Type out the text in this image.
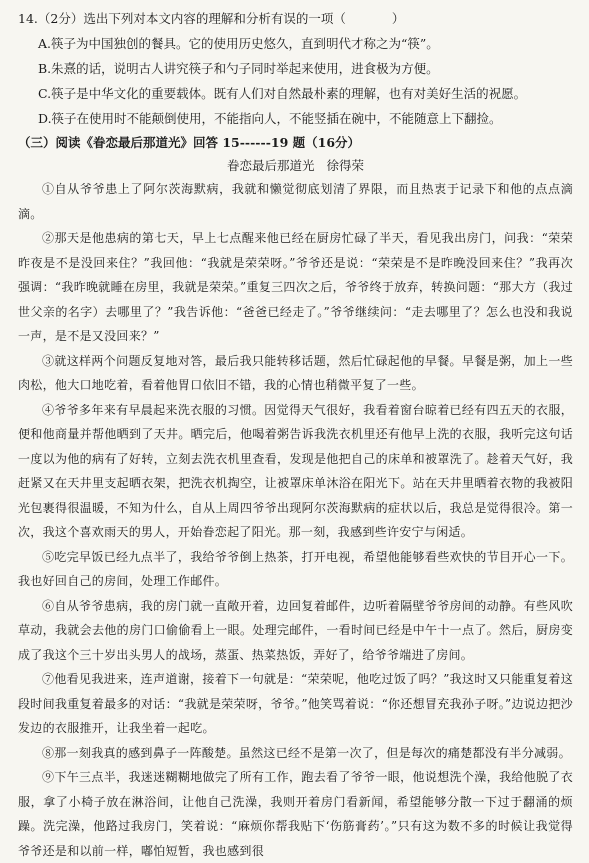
14.（2分）选出下列对本文内容的理解和分析有误的一项（	）
A.筷子为中国独创的餐具。它的使用历史悠久，直到明代才称之为“筷”。
B.朱熹的话，说明古人讲究筷子和勺子同时举起来使用，进食极为方便。
C.筷子是中华文化的重要载体。既有人们对自然最朴素的理解，也有对美好生活的祝愿。
D.筷子在使用时不能颠倒使用，不能指向人，不能竖插在碗中，不能随意上下翻捡。
（三）阅读《眷恋最后那道光》回答 15------19 题（16分）
眷恋最后那道光 徐得荣

①自从爷爷患上了阿尔茨海默病，我就和懒觉彻底划清了界限，而且热衷于记录下和他的点点滴滴。

②那天是他患病的第七天，早上七点醒来他已经在厨房忙碌了半天，看见我出房门，问我：“荣荣昨夜是不是没回来住？”我回他：“我就是荣荣呀。”爷爷还是说：“荣荣是不是昨晚没回来住？”我再次强调：“我昨晚就睡在房里，我就是荣荣。”重复三四次之后，爷爷终于放弃，转换问题：“那大方（我过世父亲的名字）去哪里了？”我告诉他：“爸爸已经走了。”爷爷继续问：“走去哪里了？怎么也没和我说一声，是不是又没回来？”

③就这样两个问题反复地对答，最后我只能转移话题，然后忙碌起他的早餐。早餐是粥，加上一些肉松，他大口地吃着，看着他胃口依旧不错，我的心情也稍微平复了一些。

④爷爷多年来有早晨起来洗衣服的习惯。因觉得天气很好，我看着窗台晾着已经有四五天的衣服，便和他商量并帮他晒到了天井。晒完后，他喝着粥告诉我洗衣机里还有他早上洗的衣服，我听完这句话一度以为他的病有了好转，立刻去洗衣机里查看，发现是他把自己的床单和被罩洗了。趁着天气好，我赶紧又在天井里支起晒衣架，把洗衣机掏空，让被罩床单沐浴在阳光下。站在天井里晒着衣物的我被阳光包裹得很温暖，不知为什么，自从上周四爷爷出现阿尔茨海默病的症状以后，我总是觉得很冷。第一次，我这个喜欢雨天的男人，开始眷恋起了阳光。那一刻，我感到些许安宁与闲适。

⑤吃完早饭已经九点半了，我给爷爷倒上热茶，打开电视，希望他能够看些欢快的节目开心一下。我也好回自己的房间，处理工作邮件。

⑥自从爷爷患病，我的房门就一直敞开着，边回复着邮件，边听着隔壁爷爷房间的动静。有些风吹草动，我就会去他的房门口偷偷看上一眼。处理完邮件，一看时间已经是中午十一点了。然后，厨房变成了我这个三十岁出头男人的战场，蒸蛋、热菜热饭，弄好了，给爷爷端进了房间。

⑦他看见我进来，连声道谢，接着下一句就是：“荣荣呢，他吃过饭了吗？”我这时又只能重复着这段时间我重复着最多的对话：“我就是荣荣呀，爷爷。”他笑骂着说：“你还想冒充我孙子呀。”边说边把沙发边的衣服推开，让我坐着一起吃。

⑧那一刻我真的感到鼻子一阵酸楚。虽然这已经不是第一次了，但是每次的痛楚都没有半分减弱。

⑨下午三点半，我迷迷糊糊地做完了所有工作，跑去看了爷爷一眼，他说想洗个澡，我给他脱了衣服，拿了小椅子放在淋浴间，让他自己洗澡，我则开着房门看新闻，希望能够分散一下过于翻涌的烦躁。洗完澡，他路过我房门，笑着说：“麻烦你帮我贴下‘伤筋膏药’。”只有这为数不多的时候让我觉得爷爷还是和以前一样，嘟怕短暂，我也感到很
